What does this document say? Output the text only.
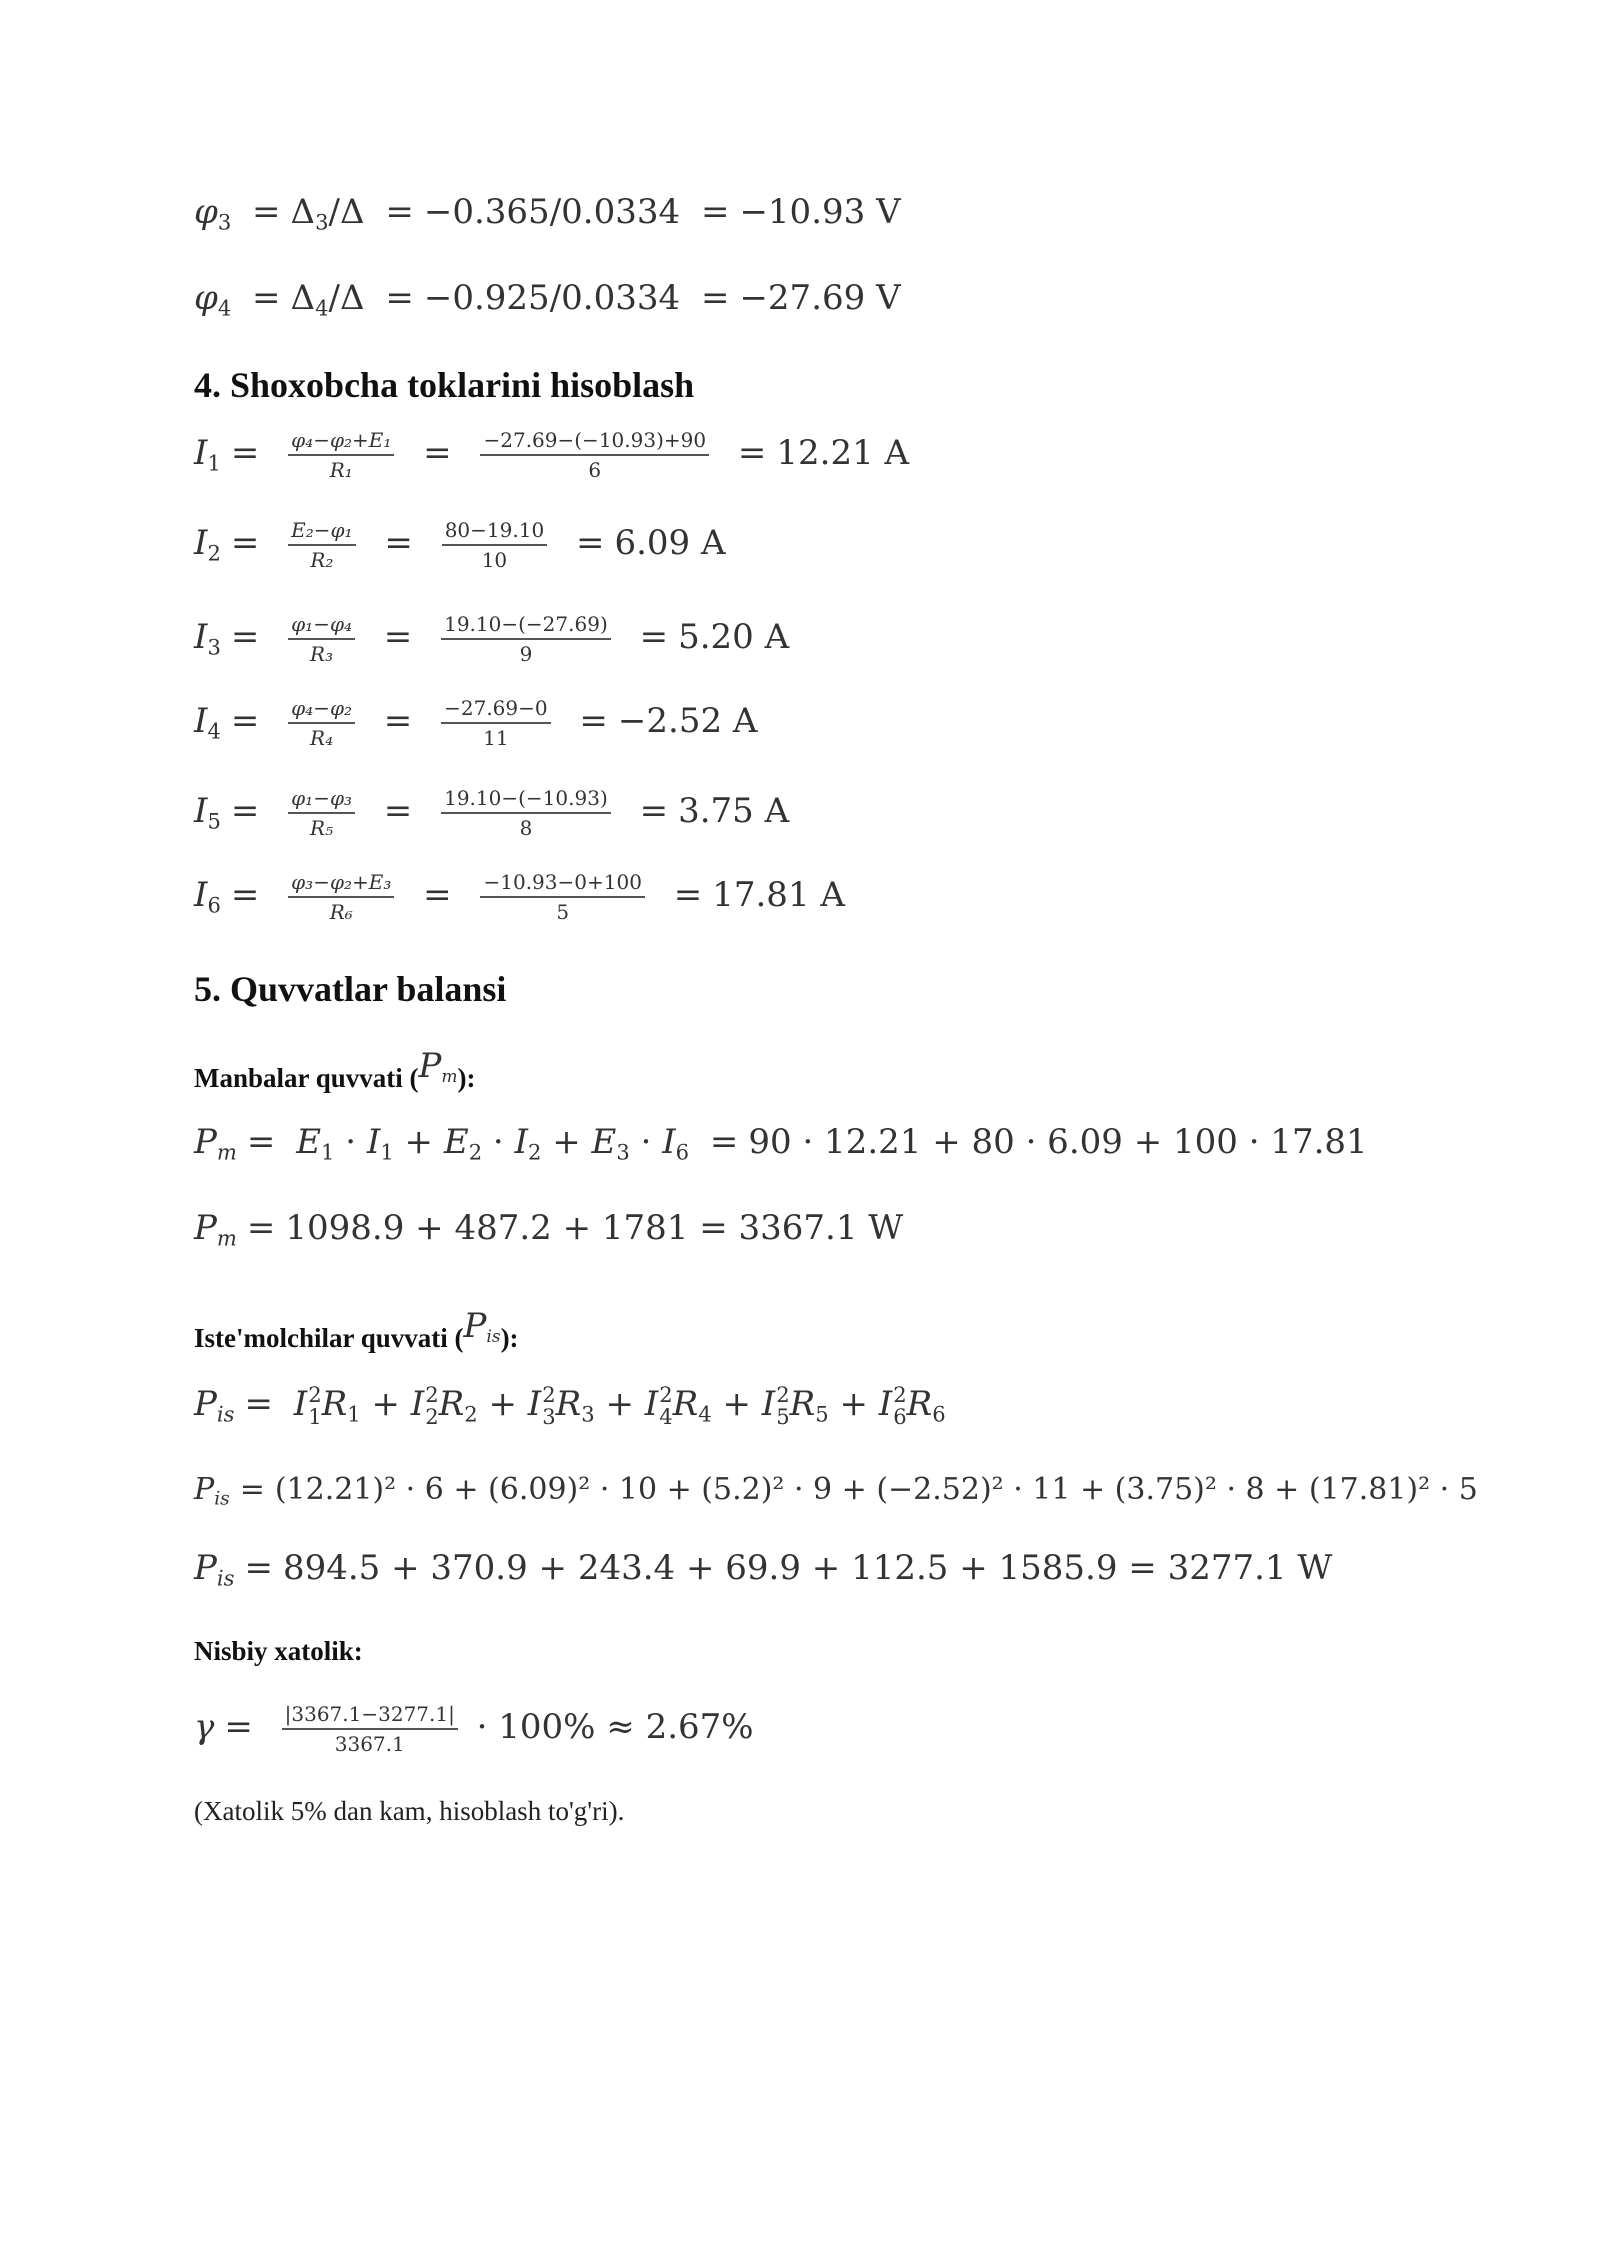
$\varphi_3 = \Delta_3/\Delta = -0.365/0.0334 = -10.93$ V
$\varphi_4 = \Delta_4/\Delta = -0.925/0.0334 = -27.69$ V
4. Shoxobcha toklarini hisoblash
$I_1 = \frac{\text{φ₄−φ₂+E₁}}{\text{R₁}} = \frac{-27.69-(-10.93)+90}{6} = 12.21$ A
$I_2 = \frac{\text{E₂−φ₁}}{\text{R₂}} = \frac{80-19.10}{10} = 6.09$ A
$I_3 = \frac{\text{φ₁−φ₄}}{\text{R₃}} = \frac{19.10-(-27.69)}{9} = 5.20$ A
$I_4 = \frac{\text{φ₄−φ₂}}{\text{R₄}} = \frac{-27.69-0}{11} = -2.52$ A
$I_5 = \frac{\text{φ₁−φ₃}}{\text{R₅}} = \frac{19.10-(-10.93)}{8} = 3.75$ A
$I_6 = \frac{\text{φ₃−φ₂+E₃}}{\text{R₆}} = \frac{-10.93-0+100}{5} = 17.81$ A
5. Quvvatlar balansi
Manbalar quvvati $(P_m)$:
$P_m = E_1 \cdot I_1 + E_2 \cdot I_2 + E_3 \cdot I_6 = 90 \cdot 12.21 + 80 \cdot 6.09 + 100 \cdot 17.81$
$P_m = 1098.9 + 487.2 + 1781 = 3367.1$ W
Iste'molchilar quvvati $(P_{is})$:
$P_{is} = I$ 2
1 $R_1 + I$ 2
2 $R_2 + I$ 2
3 $R_3 + I$ 2
4 $R_4 + I$ 2
5 $R_5 + I$ 2
6 $R_6$
$P_{is} = (12.21)^2 \cdot 6 + (6.09)^2 \cdot 10 + (5.2)^2 \cdot 9 + (-2.52)^2 \cdot 11 + (3.75)^2 \cdot 8 + (17.81)^2 \cdot 5$
$P_{is} = 894.5 + 370.9 + 243.4 + 69.9 + 112.5 + 1585.9 = 3277.1$ W
Nisbiy xatolik:
$\gamma = \frac{|3367.1-3277.1|}{3367.1} \cdot 100\% \approx 2.67\%$
(Xatolik 5% dan kam, hisoblash to'g'ri).
